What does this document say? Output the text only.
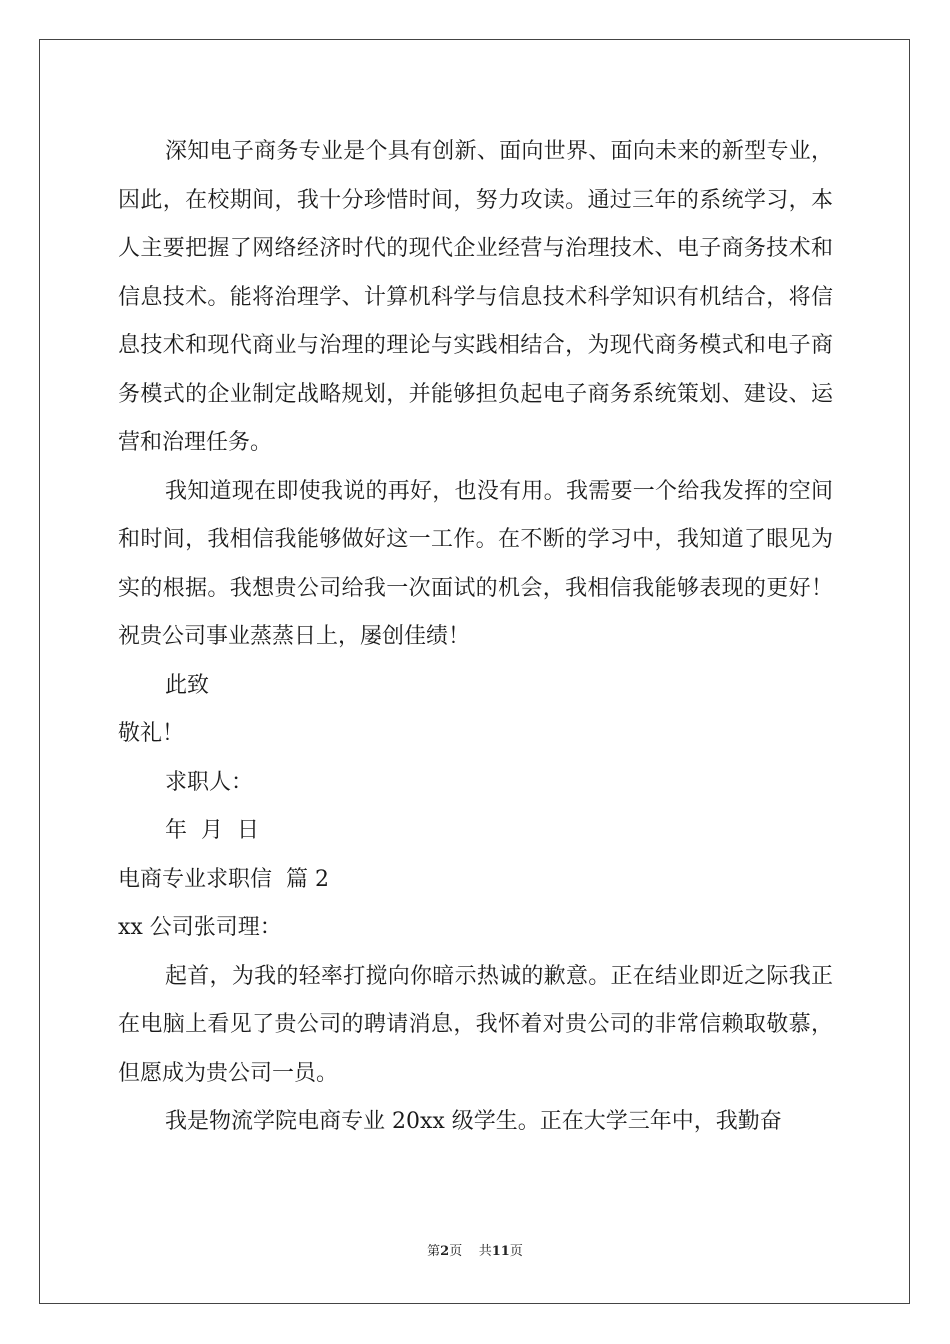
深知电子商务专业是个具有创新、面向世界、面向未来的新型专业，因此，在校期间，我十分珍惜时间，努力攻读。通过三年的系统学习，本人主要把握了网络经济时代的现代企业经营与治理技术、电子商务技术和信息技术。能将治理学、计算机科学与信息技术科学知识有机结合，将信息技术和现代商业与治理的理论与实践相结合，为现代商务模式和电子商务模式的企业制定战略规划，并能够担负起电子商务系统策划、建设、运营和治理任务。

我知道现在即使我说的再好，也没有用。我需要一个给我发挥的空间和时间，我相信我能够做好这一工作。在不断的学习中，我知道了眼见为实的根据。我想贵公司给我一次面试的机会，我相信我能够表现的更好！祝贵公司事业蒸蒸日上，屡创佳绩！

此致

敬礼！

求职人：

年  月  日

电商专业求职信  篇 2

xx 公司张司理：

起首，为我的轻率打搅向你暗示热诚的歉意。正在结业即近之际我正在电脑上看见了贵公司的聘请消息，我怀着对贵公司的非常信赖取敬慕，但愿成为贵公司一员。

我是物流学院电商专业 20xx 级学生。正在大学三年中，我勤奋

第2页 共11页
